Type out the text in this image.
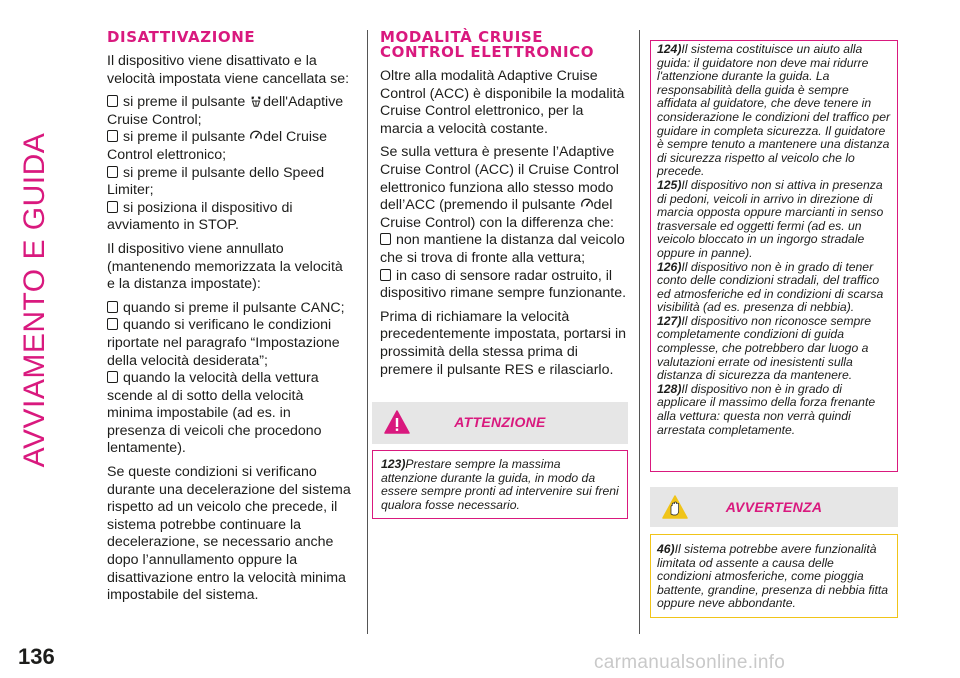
AVVIAMENTO E GUIDA
136	carmanualsonline.info
DISATTIVAZIONE

Il dispositivo viene disattivato e la velocità impostata viene cancellata se:

si preme il pulsante dell'Adaptive Cruise Control;
si preme il pulsante del Cruise Control elettronico;
si preme il pulsante dello Speed Limiter;
si posiziona il dispositivo di avviamento in STOP.

Il dispositivo viene annullato (mantenendo memorizzata la velocità e la distanza impostate):

quando si preme il pulsante CANC;
quando si verificano le condizioni riportate nel paragrafo “Impostazione della velocità desiderata”;
quando la velocità della vettura scende al di sotto della velocità minima impostabile (ad es. in presenza di veicoli che procedono lentamente).

Se queste condizioni si verificano durante una decelerazione del sistema rispetto ad un veicolo che precede, il sistema potrebbe continuare la decelerazione, se necessario anche dopo l’annullamento oppure la disattivazione entro la velocità minima impostabile del sistema.

MODALITÀ CRUISE
CONTROL ELETTRONICO

Oltre alla modalità Adaptive Cruise Control (ACC) è disponibile la modalità Cruise Control elettronico, per la marcia a velocità costante.

Se sulla vettura è presente l’Adaptive Cruise Control (ACC) il Cruise Control elettronico funziona allo stesso modo dell’ACC (premendo il pulsante del Cruise Control) con la differenza che:

non mantiene la distanza dal veicolo che si trova di fronte alla vettura;
in caso di sensore radar ostruito, il dispositivo rimane sempre funzionante.

Prima di richiamare la velocità precedentemente impostata, portarsi in prossimità della stessa prima di premere il pulsante RES e rilasciarlo.

ATTENZIONE
123)Prestare sempre la massima attenzione durante la guida, in modo da essere sempre pronti ad intervenire sui freni qualora fosse necessario.
124)Il sistema costituisce un aiuto alla guida: il guidatore non deve mai ridurre l'attenzione durante la guida. La responsabilità della guida è sempre affidata al guidatore, che deve tenere in considerazione le condizioni del traffico per guidare in completa sicurezza. Il guidatore è sempre tenuto a mantenere una distanza di sicurezza rispetto al veicolo che lo precede.
125)Il dispositivo non si attiva in presenza di pedoni, veicoli in arrivo in direzione di marcia opposta oppure marcianti in senso trasversale ed oggetti fermi (ad es. un veicolo bloccato in un ingorgo stradale oppure in panne).
126)Il dispositivo non è in grado di tener conto delle condizioni stradali, del traffico ed atmosferiche ed in condizioni di scarsa visibilità (ad es. presenza di nebbia).
127)Il dispositivo non riconosce sempre completamente condizioni di guida complesse, che potrebbero dar luogo a valutazioni errate od inesistenti sulla distanza di sicurezza da mantenere.
128)Il dispositivo non è in grado di applicare il massimo della forza frenante alla vettura: questa non verrà quindi arrestata completamente.
AVVERTENZA
46)Il sistema potrebbe avere funzionalità limitata od assente a causa delle condizioni atmosferiche, come pioggia battente, grandine, presenza di nebbia fitta oppure neve abbondante.
